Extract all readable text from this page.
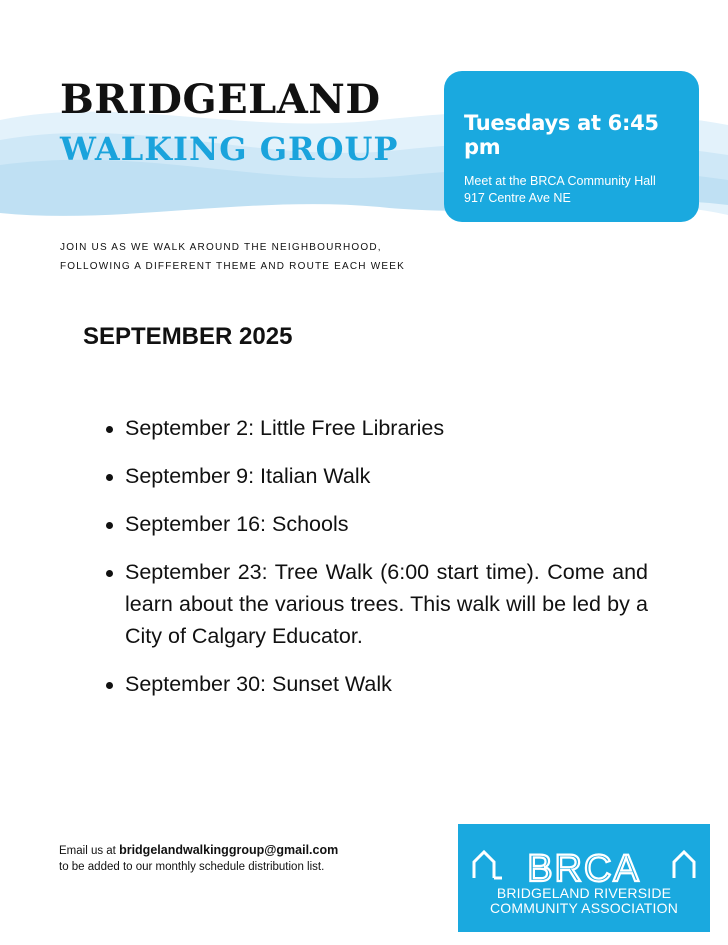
BRIDGELAND
WALKING GROUP
Tuesdays at 6:45 pm
Meet at the BRCA Community Hall
917 Centre Ave NE
JOIN US AS WE WALK AROUND THE NEIGHBOURHOOD,
FOLLOWING A DIFFERENT THEME AND ROUTE EACH WEEK
SEPTEMBER 2025
September 2: Little Free Libraries
September 9: Italian Walk
September 16: Schools
September 23: Tree Walk (6:00 start time). Come and learn about the various trees. This walk will be led by a City of Calgary Educator.
September 30: Sunset Walk
Email us at bridgelandwalkinggroup@gmail.com
to be added to our monthly schedule distribution list.	BRCA
BRIDGELAND RIVERSIDE
COMMUNITY ASSOCIATION
